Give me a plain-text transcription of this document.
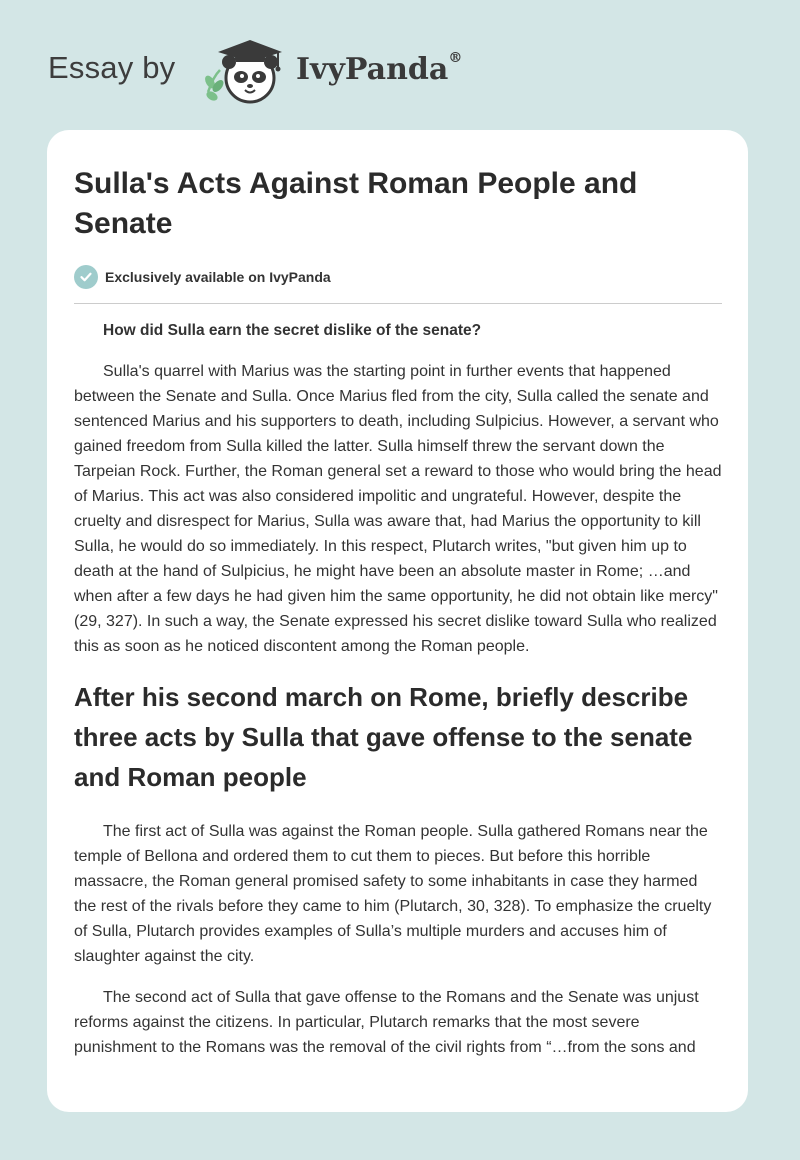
Essay by	IvyPanda®
Sulla's Acts Against Roman People and Senate
Exclusively available on IvyPanda

How did Sulla earn the secret dislike of the senate?

Sulla's quarrel with Marius was the starting point in further events that happened between the Senate and Sulla. Once Marius fled from the city, Sulla called the senate and sentenced Marius and his supporters to death, including Sulpicius. However, a servant who gained freedom from Sulla killed the latter. Sulla himself threw the servant down the Tarpeian Rock. Further, the Roman general set a reward to those who would bring the head of Marius. This act was also considered impolitic and ungrateful. However, despite the cruelty and disrespect for Marius, Sulla was aware that, had Marius the opportunity to kill Sulla, he would do so immediately. In this respect, Plutarch writes, "but given him up to death at the hand of Sulpicius, he might have been an absolute master in Rome; …and when after a few days he had given him the same opportunity, he did not obtain like mercy" (29, 327). In such a way, the Senate expressed his secret dislike toward Sulla who realized this as soon as he noticed discontent among the Roman people.

After his second march on Rome, briefly describe three acts by Sulla that gave offense to the senate and Roman people

The first act of Sulla was against the Roman people. Sulla gathered Romans near the temple of Bellona and ordered them to cut them to pieces. But before this horrible massacre, the Roman general promised safety to some inhabitants in case they harmed the rest of the rivals before they came to him (Plutarch, 30, 328). To emphasize the cruelty of Sulla, Plutarch provides examples of Sulla’s multiple murders and accuses him of slaughter against the city.

The second act of Sulla that gave offense to the Romans and the Senate was unjust reforms against the citizens. In particular, Plutarch remarks that the most severe punishment to the Romans was the removal of the civil rights from “…from the sons and
